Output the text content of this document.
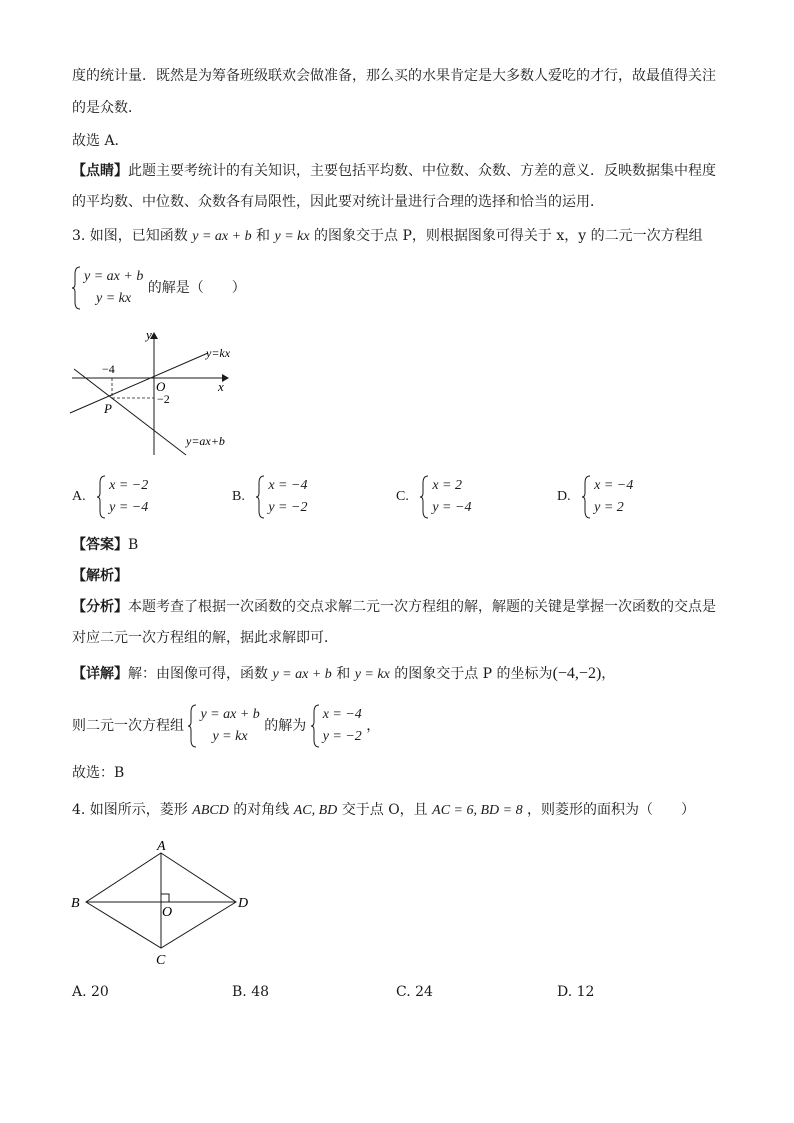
度的统计量．既然是为筹备班级联欢会做准备，那么买的水果肯定是大多数人爱吃的才行，故最值得关注
的是众数．
故选 A．
【点睛】此题主要考统计的有关知识，主要包括平均数、中位数、众数、方差的意义．反映数据集中程度
的平均数、中位数、众数各有局限性，因此要对统计量进行合理的选择和恰当的运用．
3. 如图，已知函数 y = ax + b 和 y = kx 的图象交于点 P，则根据图象可得关于 x，y 的二元一次方程组
y = ax + b
y = kx
的解是（　　）
y
x
O
P
−4
−2
y=kx
y=ax+b
A.
x = −2
y = −4
B.
x = −4
y = −2
C.
x = 2
y = −4
D.
x = −4
y = 2
【答案】B
【解析】
【分析】本题考查了根据一次函数的交点求解二元一次方程组的解，解题的关键是掌握一次函数的交点是
对应二元一次方程组的解，据此求解即可．
【详解】解：由图像可得，函数 y = ax + b 和 y = kx 的图象交于点 P 的坐标为(−4,−2)，
则二元一次方程组
y = ax + b
y = kx
的解为
x = −4
y = −2
，
故选：B
4. 如图所示，菱形 ABCD 的对角线 AC, BD 交于点 O，且 AC = 6, BD = 8 ，则菱形的面积为（　　）
A
B
C
D
O
A. 20	B. 48	C. 24	D. 12
